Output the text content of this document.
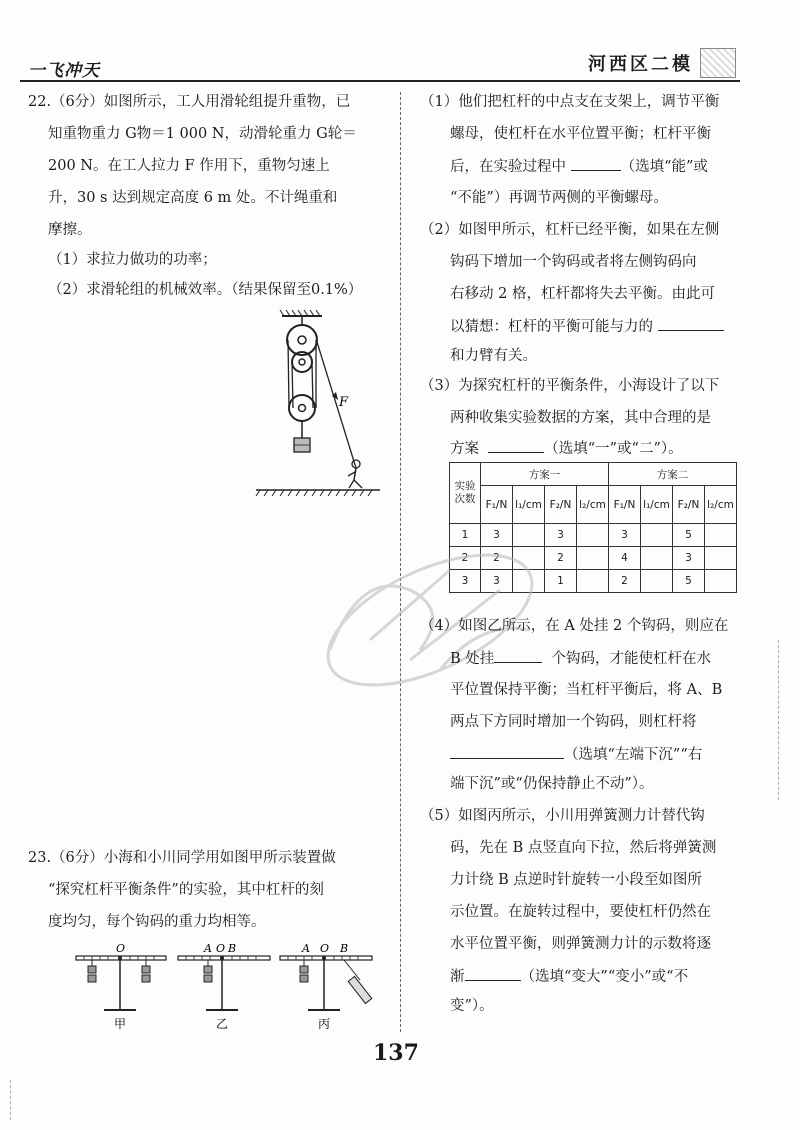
一飞冲天	河西区二模

22.（6分）如图所示，工人用滑轮组提升重物，已

知重物重力 G物＝1 000 N，动滑轮重力 G轮＝

200 N。在工人拉力 F 作用下，重物匀速上

升，30 s 达到规定高度 6 m 处。不计绳重和

摩擦。

（1）求拉力做功的功率；

（2）求滑轮组的机械效率。（结果保留至0.1%）

F

23.（6分）小海和小川同学用如图甲所示装置做

“探究杠杆平衡条件”的实验，其中杠杆的刻

度均匀，每个钩码的重力均相等。

O
甲
A O B
乙
A O B
丙

（1）他们把杠杆的中点支在支架上，调节平衡

螺母，使杠杆在水平位置平衡；杠杆平衡

后，在实验过程中	（选填“能”或

“不能”）再调节两侧的平衡螺母。

（2）如图甲所示，杠杆已经平衡，如果在左侧

钩码下增加一个钩码或者将左侧钩码向

右移动 2 格，杠杆都将失去平衡。由此可

以猜想：杠杆的平衡可能与力的

和力臂有关。

（3）为探究杠杆的平衡条件，小海设计了以下

两种收集实验数据的方案，其中合理的是

方案	（选填“一”或“二”）。

实验
次数	方案一				方案二			
	F₁/N	l₁/cm	F₂/N	l₂/cm	F₁/N	l₁/cm	F₂/N	l₂/cm
1	3		3		3		5	
2	2		2		4		3	
3	3		1		2		5	

（4）如图乙所示，在 A 处挂 2 个钩码，则应在

B 处挂	个钩码，才能使杠杆在水

平位置保持平衡；当杠杆平衡后，将 A、B

两点下方同时增加一个钩码，则杠杆将

（选填“左端下沉”“右

端下沉”或“仍保持静止不动”）。

（5）如图丙所示，小川用弹簧测力计替代钩

码，先在 B 点竖直向下拉，然后将弹簧测

力计绕 B 点逆时针旋转一小段至如图所

示位置。在旋转过程中，要使杠杆仍然在

水平位置平衡，则弹簧测力计的示数将逐

渐	（选填“变大”“变小”或“不

变”）。

137
